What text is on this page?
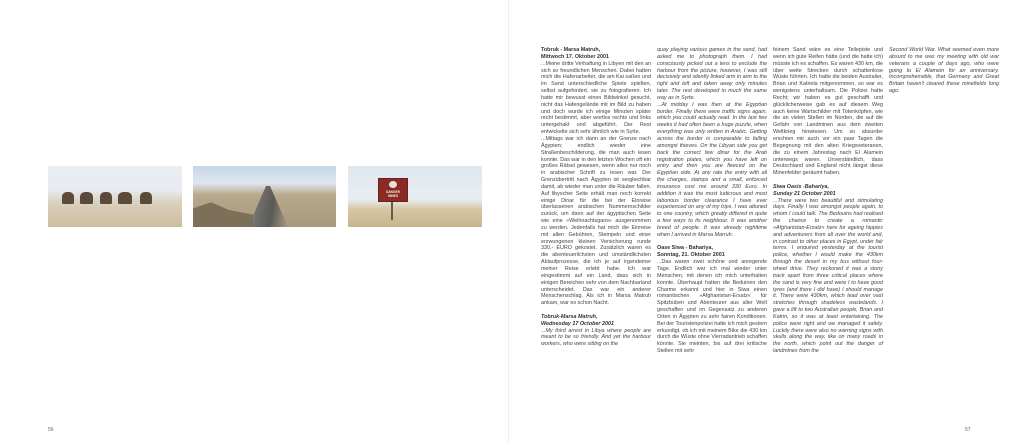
DANGER
MINES
56	57

Tobruk - Marsa Matruh,
Mittwoch 17. Oktober 2001

...Meine dritte Verhaftung in Libyen mit den an sich so freundlichen Menschen. Dabei hatten mich die Hafenarbeiter, die am Kai saßen und im Sand unterschiedliche Spiele spielten, selbst aufgefordert, sie zu fotografieren. Ich hatte mir bewusst einen Bildwinkel gesucht, nicht das Hafengelände mit im Bild zu haben und doch wurde ich einige Minuten später recht bestimmt, aber wortlos rechts und links untergehakt und abgeführt. Der Rest entwickelte sich sehr ähnlich wie in Syrte.

...Mittags war ich dann an der Grenze nach Ägypten; endlich wieder eine Straßenbeschilderung, die man auch lesen konnte. Das war in den letzten Wochen oft ein großes Rätsel gewesen, wenn alles nur noch in arabischer Schrift zu lesen war. Der Grenzübertritt nach Ägypten ist vergleichbar damit, ab wieder man unter die Räuber fallen. Auf libyscher Seite erhält man noch korrekt einige Dinar für die bei der Einreise überlassenen arabischen Nummernschilder zurück, um dann auf der ägyptischen Seite wie eine »Weihnachtsgans« ausgenommen zu werden. Jedenfalls hat mich die Einreise mit allen Gebühren, Stempeln und einer erzwungenen kleinen Versicherung runde 330,- EURO gekostet. Zusätzlich waren es die abenteuerlichsten und umständlichsten Ablaufprozesse, die ich je auf irgendeiner meiner Reise erlebt habe. Ich war eingestimmt auf ein Land, dass sich in einigen Bereichen sehr von dem Nachbarland unterscheidet. Das war ein anderer Menschenschlag. Als ich in Marsa Matruh ankam, war es schon Nacht.

Tobruk-Marsa Matruh,
Wednesday 17 October 2001

...My third arrest in Libya where people are meant to be so friendly. And yet the harbour workers, who were sitting on the

quay playing various games in the sand, had asked me to photograph them. I had consciously picked out a lens to exclude the harbour from the picture, however, I was still decisively and silently linked arm in arm to the right and left and taken away only minutes later. The rest developed in much the same way as in Syrte.

...At midday I was then at the Egyptian border. Finally there were traffic signs again, which you could actually read. In the last few weeks it had often been a huge puzzle, when everything was only written in Arabic. Getting across the border is comparable to falling amongst thieves. On the Libyan side you get back the correct few dinar for the Arab registration plates, which you have left on entry and then you are fleeced on the Egyptian side. At any rate the entry with all the charges, stamps and a small, enforced insurance cost me around 330 Euro. In addition it was the most ludicrous and most laborious border clearance I have ever experienced on any of my trips. I was attuned to one country, which greatly differed in quite a few ways to its neighbour. It was another breed of people. It was already nighttime when I arrived in Marsa Marruh.

Oase Siwa - Bahariya,
Sonntag, 21. Oktober 2001

...Das waren zwei schöne und anregende Tage. Endlich war ich mal wieder unter Menschen, mit denen ich mich unterhalten konnte. Überhaupt hatten die Beduinen den Charme erkannt und hier in Siwa einen romantischen »Afghanistan-Ersatz« für Spitzbuben und Abenteurer aus aller Welt geschaffen und im Gegensatz zu anderen Orten in Ägypten zu sehr fairen Konditionen. Bei der Touristenpolizei hatte ich mich gestern erkundigt, ob ich mit meinem Bike die 430 km durch die Wüste ohne Vierradantrieb schaffen könnte. Sie meinten, bis auf drei kritische Stellen mit sehr

feinem Sand wäre es eine Teilepiste und wenn ich gute Reifen hätte (und die hatte ich) müsste ich es schaffen. Es waren 430 km, die über weite Strecken durch schattenlose Wüste führten. Ich hatte die beiden Australier, Brian und Katriela mitgenommen, so war es wenigstens unterhaltsam. Die Polizei hatte Recht; wir haben es gut geschafft und glücklicherweise gab es auf diesem Weg auch keine Wartschilder mit Totenköpfen, wie die an vielen Stellen im Norden, die auf die Gefahr von Landminen aus dem zweiten Weltkrieg hinwiesen. Um so absurder erschien mir auch vor ein paar Tagen die Begegnung mit den alten Kriegsveteranen, die zu einem Jahrestag nach El Alamein unterwegs waren. Unverständlich, dass Deutschland und England nicht längst diese Minenfelder geräumt haben.

Siwa Oasis -Bahariya,
Sunday 21 October 2001

...There were two beautiful and stimulating days. Finally I was amongst people again, to whom I could talk. The Bedouins had realised the chance to create a romantic »Afghanistan-Ersatz« here for ageing hippies and adventurers from all over the world and, in contrast to other places in Egypt, under fair terms. I enquired yesterday at the tourist police, whether I would make the 430km through the desert in my bus without four-wheel drive. They reckoned it was a stony track apart from three critical places where the sand is very fine and were I to have good tyres (and there I did have) I should manage it. There were 430km, which lead over vast stretches through shadeless wastelands. I gave a lift to two Australian people, Brian and Katrin, so it was at least entertaining. The police were right and we managed it safely. Luckily there were also no warning signs with skulls along the way, like on many roads in the north, which point out the danger of landmines from the

Second World War. What seemed even more absurd to me was my meeting with old war veterans a couple of days ago, who were going to El Alamein for an anniversary. Incomprehensible, that Germany and Great Britain haven't cleared these minefields long ago.
